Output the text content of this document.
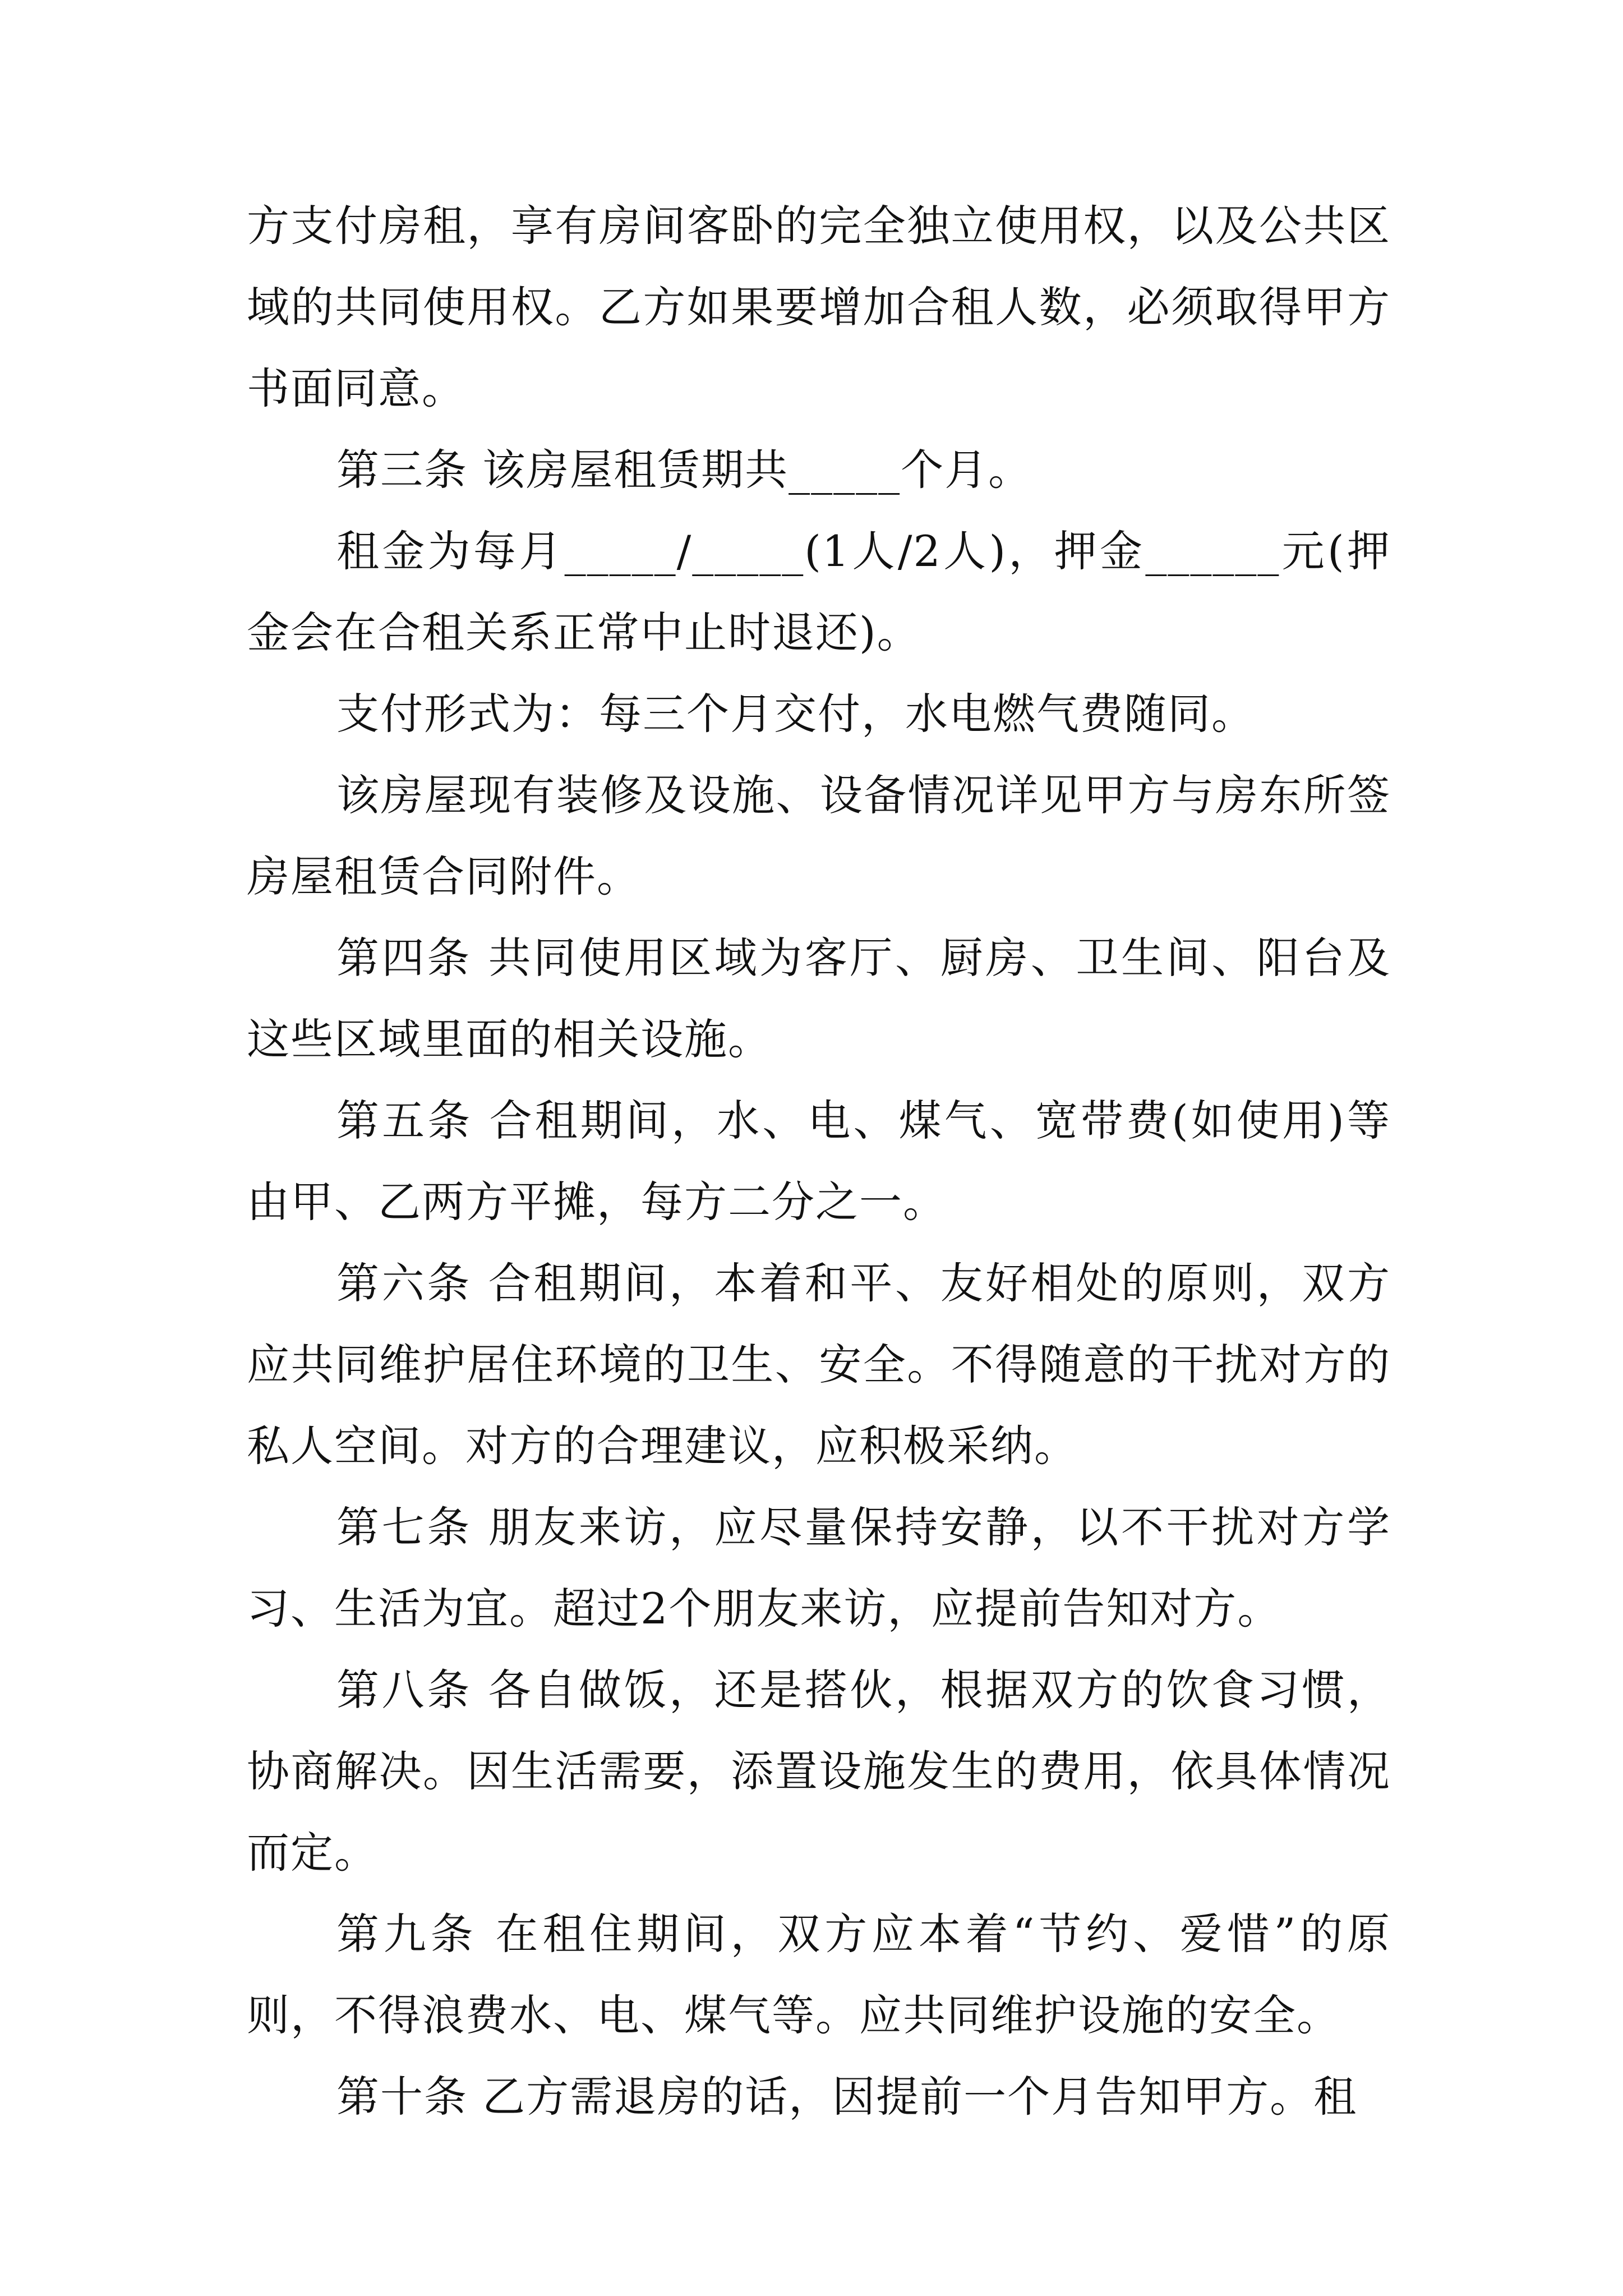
方支付房租，享有房间客卧的完全独立使用权，以及公共区域的共同使用权。乙方如果要增加合租人数，必须取得甲方书面同意。

第三条 该房屋租赁期共_____个月。

租金为每月_____/_____(1人/2人)，押金______元(押金会在合租关系正常中止时退还)。

支付形式为：每三个月交付，水电燃气费随同。

该房屋现有装修及设施、设备情况详见甲方与房东所签房屋租赁合同附件。

第四条 共同使用区域为客厅、厨房、卫生间、阳台及这些区域里面的相关设施。

第五条 合租期间，水、电、煤气、宽带费(如使用)等由甲、乙两方平摊，每方二分之一。

第六条 合租期间，本着和平、友好相处的原则，双方应共同维护居住环境的卫生、安全。不得随意的干扰对方的私人空间。对方的合理建议，应积极采纳。

第七条 朋友来访，应尽量保持安静，以不干扰对方学习、生活为宜。超过2个朋友来访，应提前告知对方。

第八条 各自做饭，还是搭伙，根据双方的饮食习惯，协商解决。因生活需要，添置设施发生的费用，依具体情况而定。

第九条 在租住期间，双方应本着“节约、爱惜”的原则，不得浪费水、电、煤气等。应共同维护设施的安全。

第十条 乙方需退房的话，因提前一个月告知甲方。租
